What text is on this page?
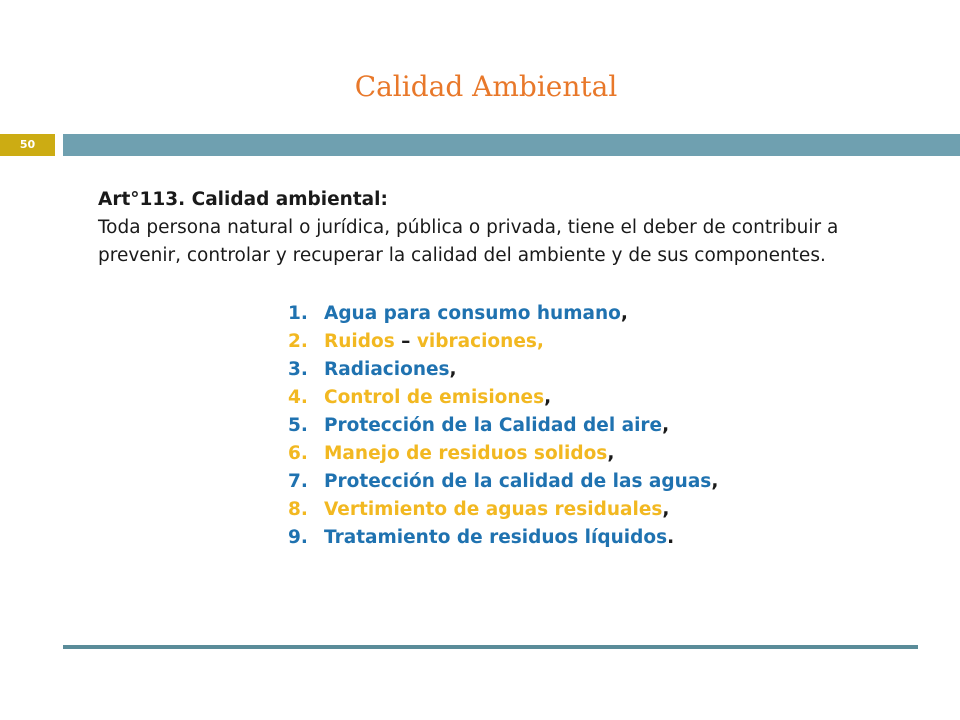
Calidad Ambiental
50
Art°113. Calidad ambiental:
Toda persona natural o jurídica, pública o privada, tiene el deber de contribuir a prevenir, controlar y recuperar la calidad del ambiente y de sus componentes.
1. Agua para consumo humano,
2. Ruidos – vibraciones,
3. Radiaciones,
4. Control de emisiones,
5. Protección de la Calidad del aire,
6. Manejo de residuos solidos,
7. Protección de la calidad de las aguas,
8. Vertimiento de aguas residuales,
9. Tratamiento de residuos líquidos.
